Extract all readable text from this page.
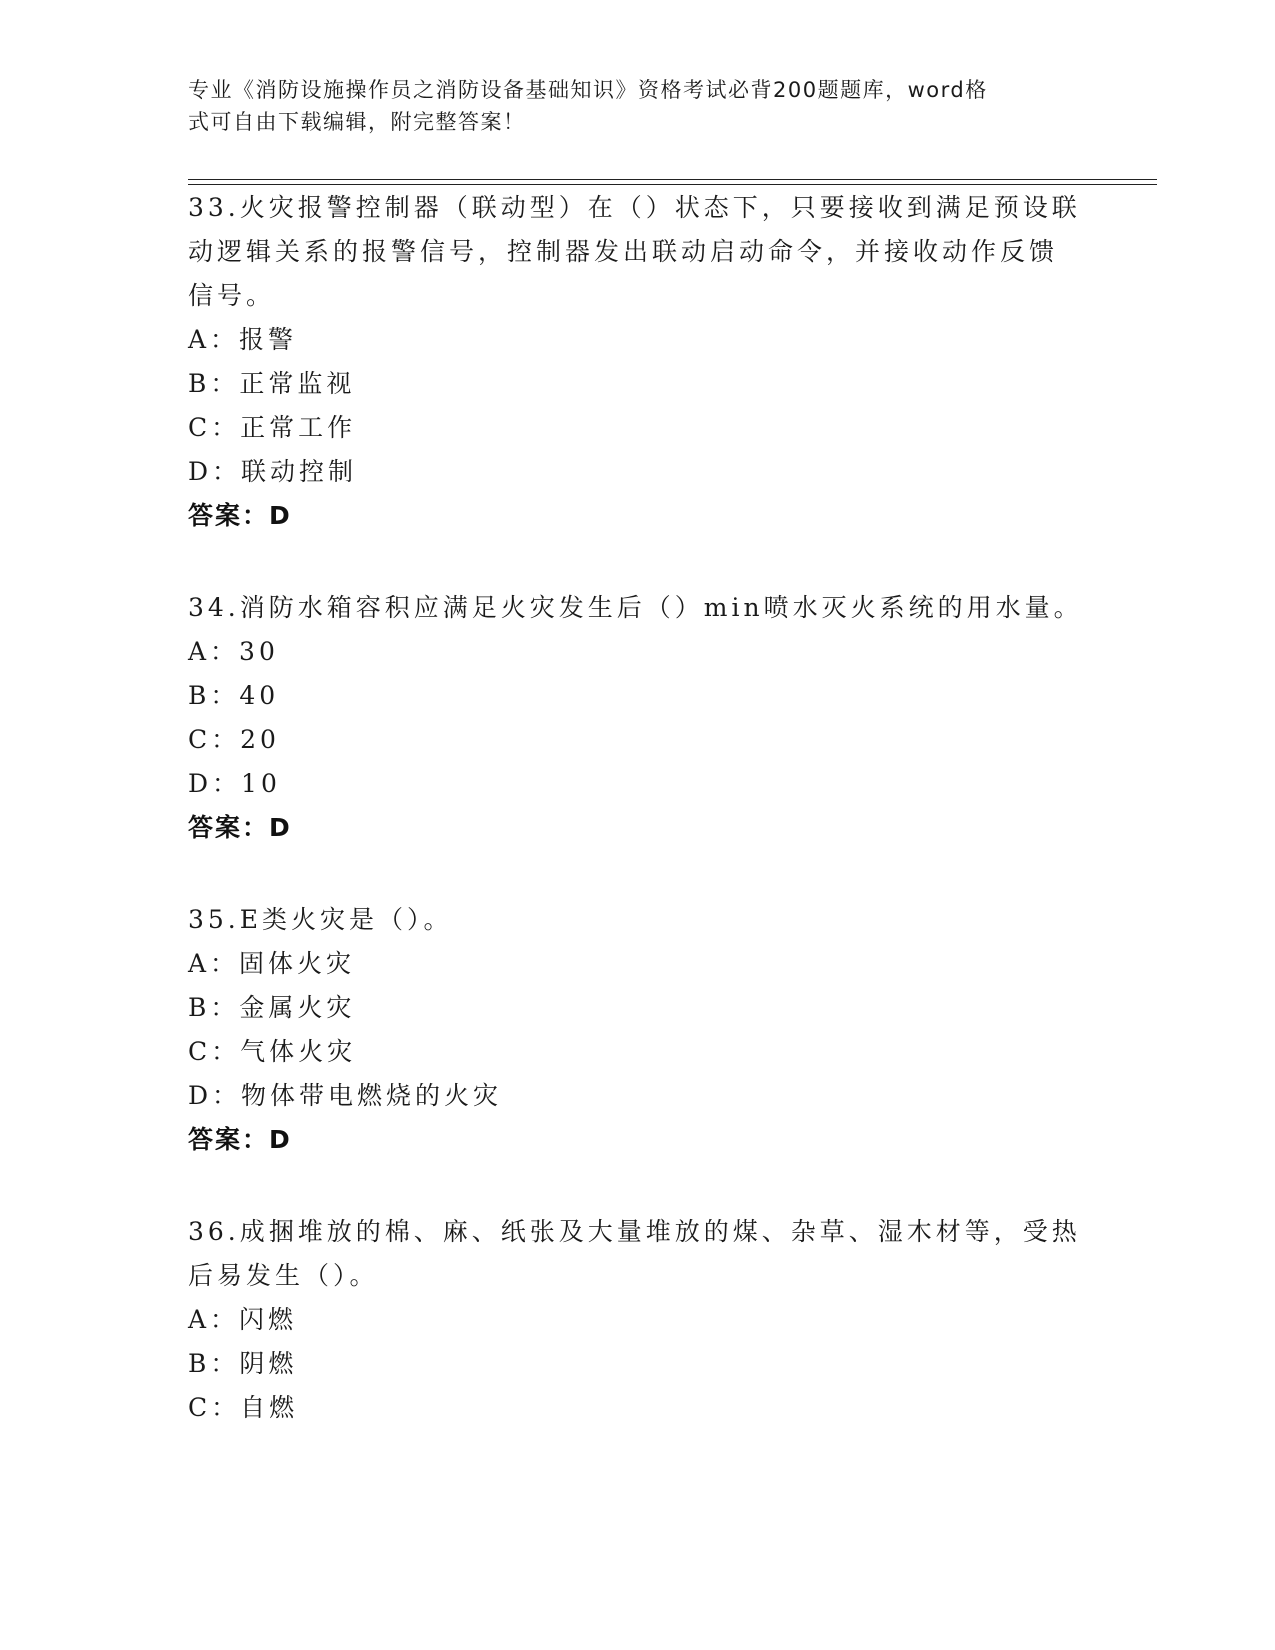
专业《消防设施操作员之消防设备基础知识》资格考试必背200题题库，word格
式可自由下载编辑，附完整答案！
33.火灾报警控制器（联动型）在（）状态下，只要接收到满足预设联
动逻辑关系的报警信号，控制器发出联动启动命令，并接收动作反馈
信号。
A：报警
B：正常监视
C：正常工作
D：联动控制
答案：D
34.消防水箱容积应满足火灾发生后（）min喷水灭火系统的用水量。
A：30
B：40
C：20
D：10
答案：D
35.E类火灾是（）。
A：固体火灾
B：金属火灾
C：气体火灾
D：物体带电燃烧的火灾
答案：D
36.成捆堆放的棉、麻、纸张及大量堆放的煤、杂草、湿木材等，受热
后易发生（）。
A：闪燃
B：阴燃
C：自燃
